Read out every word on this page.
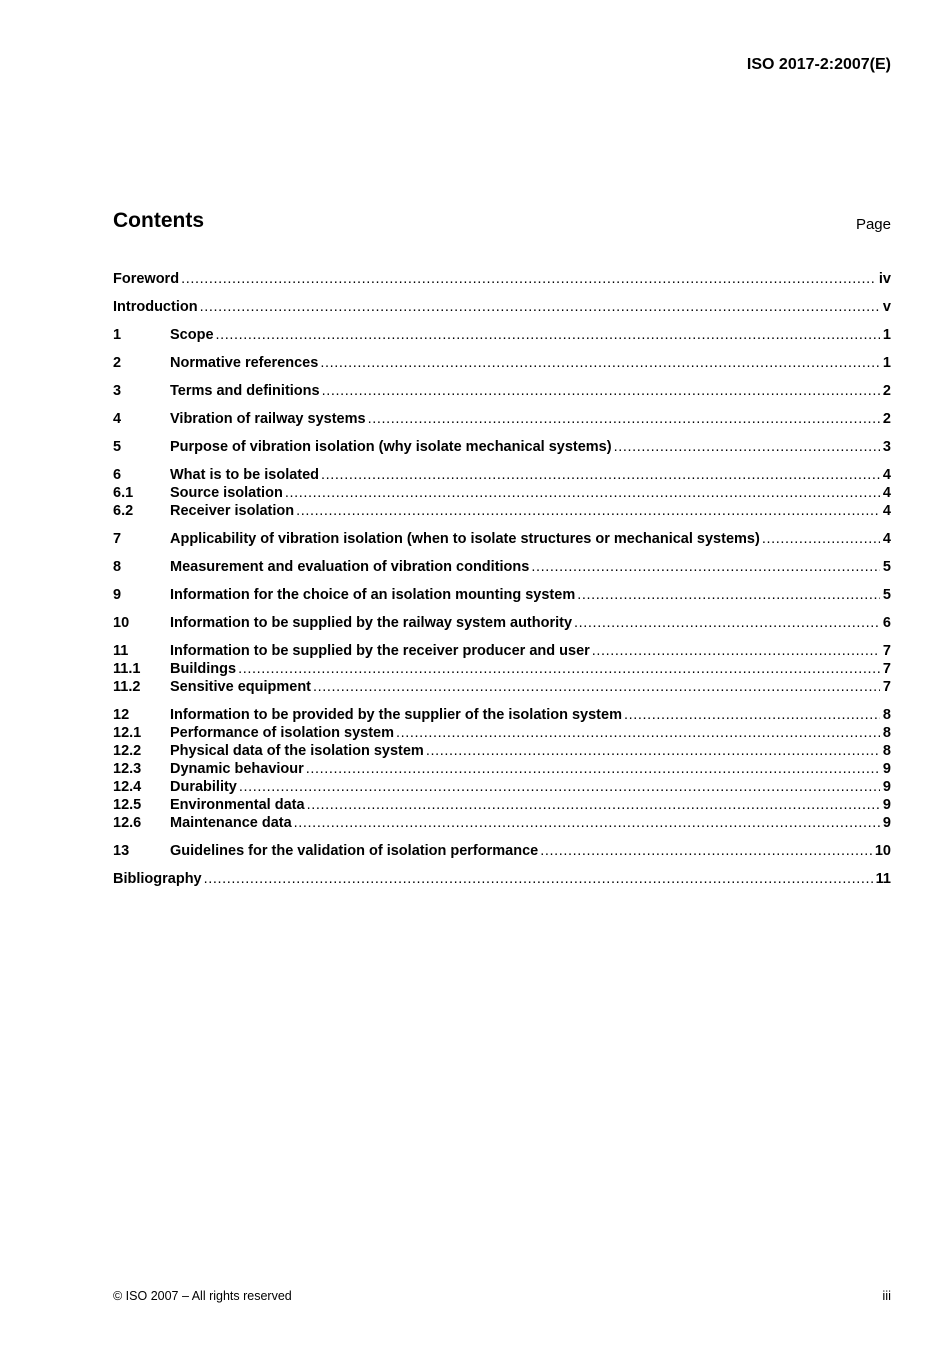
ISO 2017-2:2007(E)
Contents	Page
Foreword .....	iv
Introduction .....	v
1	Scope .....	1
2	Normative references .....	1
3	Terms and definitions .....	2
4	Vibration of railway systems .....	2
5	Purpose of vibration isolation (why isolate mechanical systems) .....	3
6	What is to be isolated .....	4
6.1	Source isolation .....	4
6.2	Receiver isolation .....	4
7	Applicability of vibration isolation (when to isolate structures or mechanical systems) .....	4
8	Measurement and evaluation of vibration conditions .....	5
9	Information for the choice of an isolation mounting system .....	5
10	Information to be supplied by the railway system authority .....	6
11	Information to be supplied by the receiver producer and user .....	7
11.1	Buildings .....	7
11.2	Sensitive equipment .....	7
12	Information to be provided by the supplier of the isolation system .....	8
12.1	Performance of isolation system .....	8
12.2	Physical data of the isolation system .....	8
12.3	Dynamic behaviour .....	9
12.4	Durability .....	9
12.5	Environmental data .....	9
12.6	Maintenance data .....	9
13	Guidelines for the validation of isolation performance .....	10
Bibliography .....	11
© ISO 2007 – All rights reserved	iii
